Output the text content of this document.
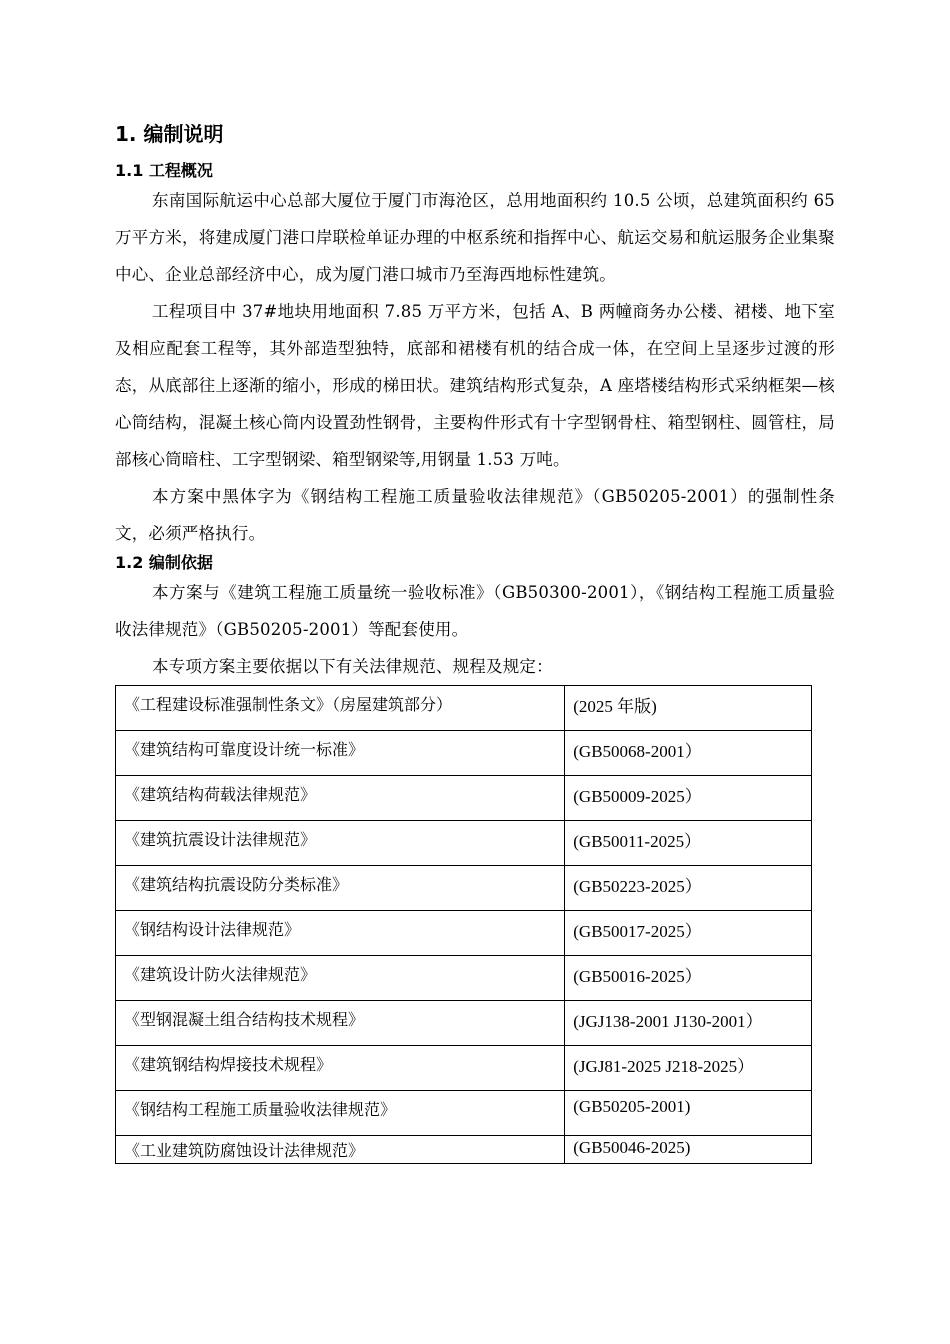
1. 编制说明
1.1 工程概况

东南国际航运中心总部大厦位于厦门市海沧区，总用地面积约 10.5 公顷，总建筑面积约 65 万平方米，将建成厦门港口岸联检单证办理的中枢系统和指挥中心、航运交易和航运服务企业集聚中心、企业总部经济中心，成为厦门港口城市乃至海西地标性建筑。

工程项目中 37#地块用地面积 7.85 万平方米，包括 A、B 两幢商务办公楼、裙楼、地下室及相应配套工程等，其外部造型独特，底部和裙楼有机的结合成一体，在空间上呈逐步过渡的形态，从底部往上逐渐的缩小，形成的梯田状。建筑结构形式复杂，A 座塔楼结构形式采纳框架—核心筒结构，混凝土核心筒内设置劲性钢骨，主要构件形式有十字型钢骨柱、箱型钢柱、圆管柱，局部核心筒暗柱、工字型钢梁、箱型钢梁等,用钢量 1.53 万吨。

本方案中黑体字为《钢结构工程施工质量验收法律规范》（GB50205-2001）的强制性条文，必须严格执行。

1.2 编制依据

本方案与《建筑工程施工质量统一验收标准》（GB50300-2001），《钢结构工程施工质量验收法律规范》（GB50205-2001）等配套使用。

本专项方案主要依据以下有关法律规范、规程及规定：

《工程建设标准强制性条文》（房屋建筑部分）	(2025 年版)
《建筑结构可靠度设计统一标准》	(GB50068-2001）
《建筑结构荷载法律规范》	(GB50009-2025）
《建筑抗震设计法律规范》	(GB50011-2025）
《建筑结构抗震设防分类标准》	(GB50223-2025）
《钢结构设计法律规范》	(GB50017-2025）
《建筑设计防火法律规范》	(GB50016-2025）
《型钢混凝土组合结构技术规程》	(JGJ138-2001 J130-2001）
《建筑钢结构焊接技术规程》	(JGJ81-2025 J218-2025）
《钢结构工程施工质量验收法律规范》	(GB50205-2001)
《工业建筑防腐蚀设计法律规范》	(GB50046-2025)
